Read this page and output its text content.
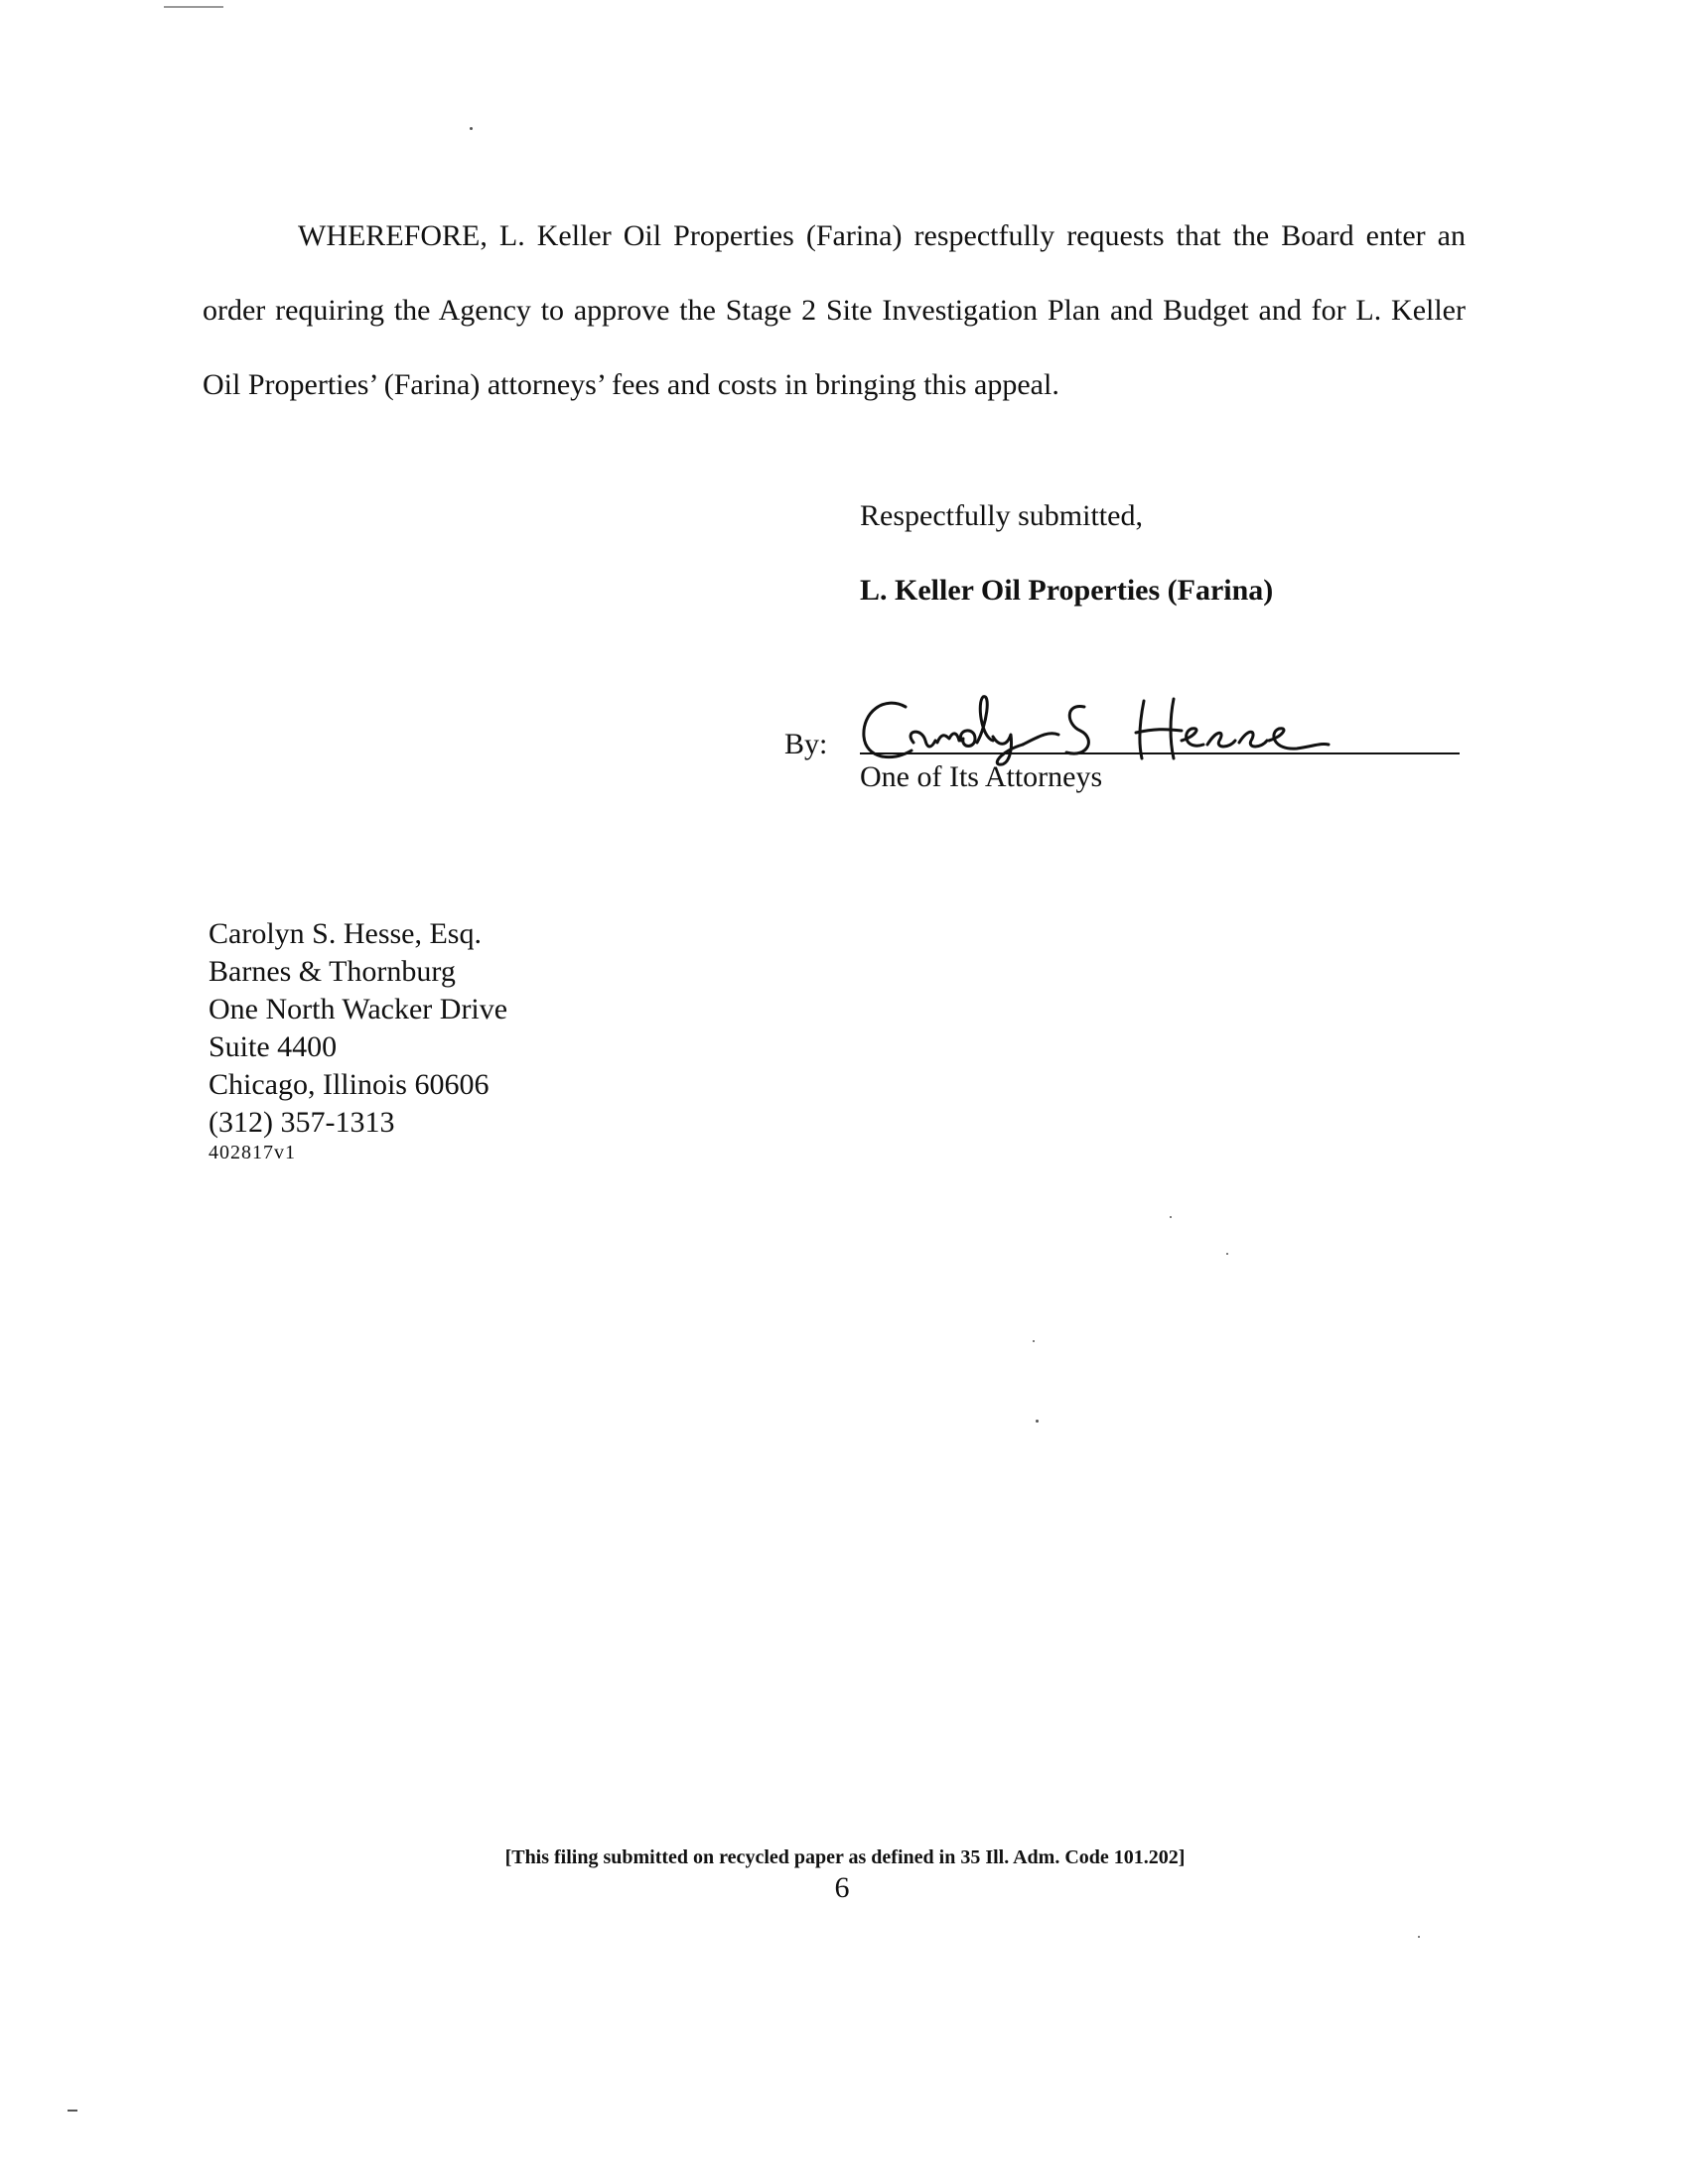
WHEREFORE, L. Keller Oil Properties (Farina) respectfully requests that the Board enter an order requiring the Agency to approve the Stage 2 Site Investigation Plan and Budget and for L. Keller Oil Properties’ (Farina) attorneys’ fees and costs in bringing this appeal.

Respectfully submitted,
L. Keller Oil Properties (Farina)
By:
One of Its Attorneys
Carolyn S. Hesse, Esq.
Barnes & Thornburg
One North Wacker Drive
Suite 4400
Chicago, Illinois 60606
(312) 357-1313
402817v1
[This filing submitted on recycled paper as defined in 35 Ill. Adm. Code 101.202]
6
